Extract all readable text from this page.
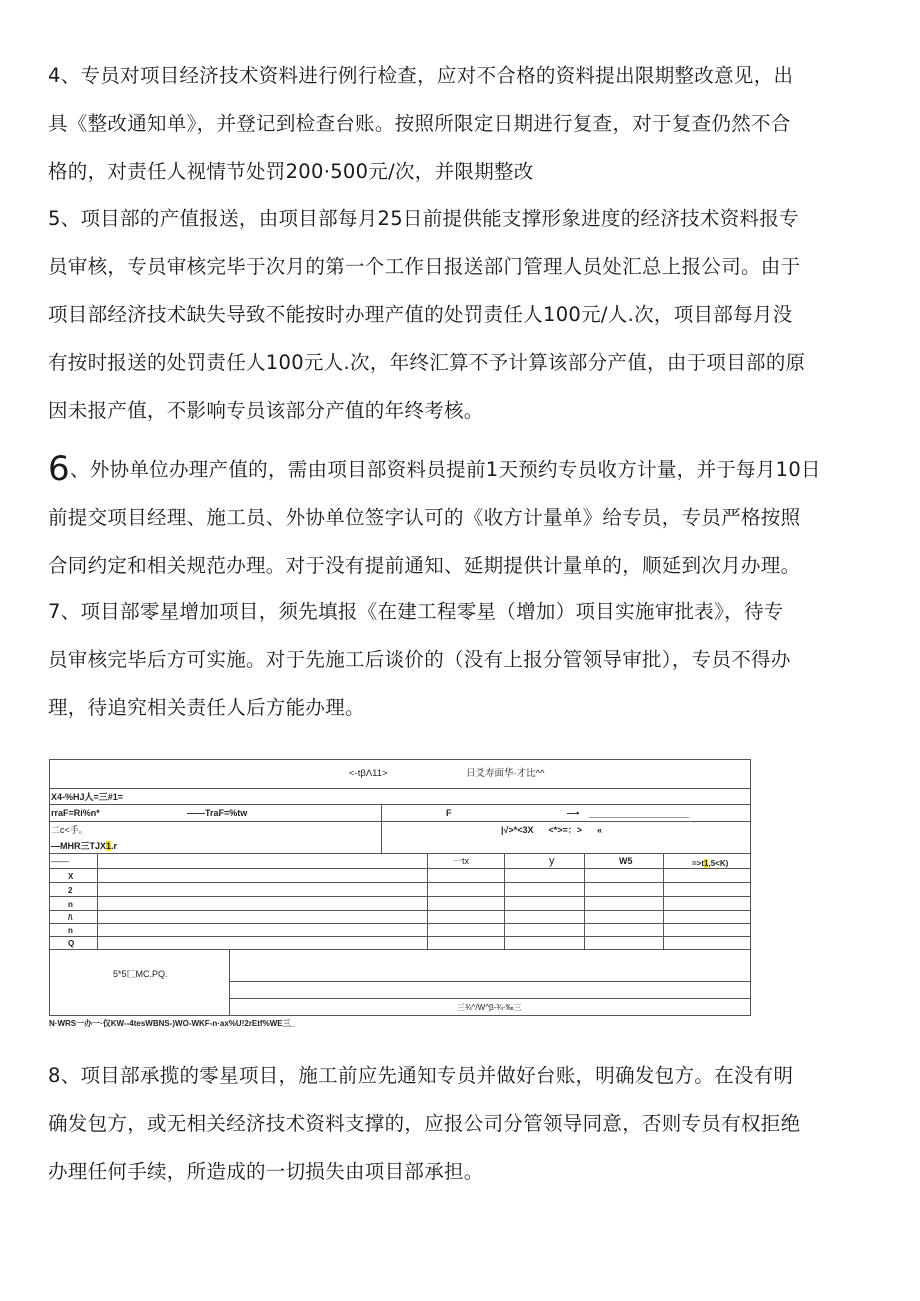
4、专员对项目经济技术资料进行例行检查，应对不合格的资料提出限期整改意见，出
具《整改通知单》，并登记到检查台账。按照所限定日期进行复查，对于复查仍然不合
格的，对责任人视情节处罚200·500元/次，并限期整改
5、项目部的产值报送，由项目部每月25日前提供能支撑形象进度的经济技术资料报专
员审核，专员审核完毕于次月的第一个工作日报送部门管理人员处汇总上报公司。由于
项目部经济技术缺失导致不能按时办理产值的处罚责任人100元/人.次，项目部每月没
有按时报送的处罚责任人100元人.次，年终汇算不予计算该部分产值，由于项目部的原
因未报产值，不影响专员该部分产值的年终考核。
6、外协单位办理产值的，需由项目部资料员提前1天预约专员收方计量，并于每月10日
前提交项目经理、施工员、外协单位签字认可的《收方计量单》给专员，专员严格按照
合同约定和相关规范办理。对于没有提前通知、延期提供计量单的，顺延到次月办理。
7、项目部零星增加项目，须先填报《在建工程零星（增加）项目实施审批表》，待专
员审核完毕后方可实施。对于先施工后谈价的（没有上报分管领导审批），专员不得办
理，待追究相关责任人后方能办理。
<-tβΛ11>	日爻寿面华·才比^^
X4-%HJ人=三#1=
rraF=Ri%n*	——TraF=%tw	F	—•
二c<手。	|√>*<3X      <*>=：>      «
—MHR三TJX1.r
——	一tx	y	W5	=>t1,5<K)
X
2
n
/\
n
Q
5*5匚MC.PQ.
三¾^/W^β-¾-‰三
N·WRS一办一·仅KW--4tesWBNS-)WO-WKF-n·ax%U!2rEtf%WE三_
8、项目部承揽的零星项目，施工前应先通知专员并做好台账，明确发包方。在没有明
确发包方，或无相关经济技术资料支撑的，应报公司分管领导同意，否则专员有权拒绝
办理任何手续，所造成的一切损失由项目部承担。
